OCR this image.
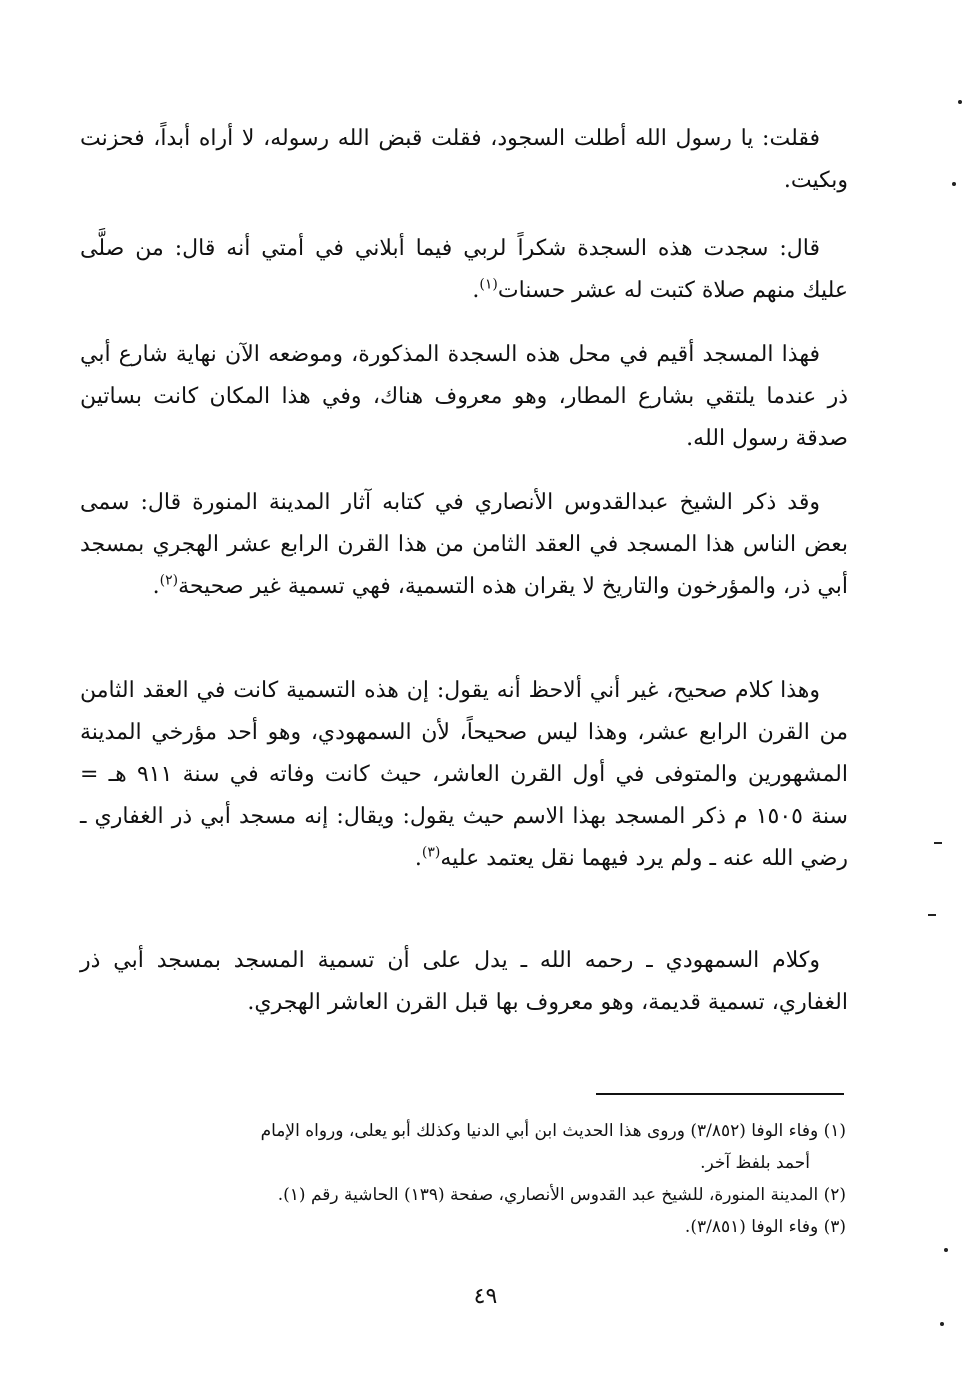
فقلت: يا رسول الله أطلت السجود، فقلت قبض الله رسوله، لا أراه أبداً، فحزنت وبكيت.

قال: سجدت هذه السجدة شكراً لربي فيما أبلاني في أمتي أنه قال: من صلَّى عليك منهم صلاة كتبت له عشر حسنات$^{(١)}$.

فهذا المسجد أقيم في محل هذه السجدة المذكورة، وموضعه الآن نهاية شارع أبي ذر عندما يلتقي بشارع المطار، وهو معروف هناك، وفي هذا المكان كانت بساتين صدقة رسول الله.

وقد ذكر الشيخ عبدالقدوس الأنصاري في كتابه آثار المدينة المنورة قال: سمى بعض الناس هذا المسجد في العقد الثامن من هذا القرن الرابع عشر الهجري بمسجد أبي ذر، والمؤرخون والتاريخ لا يقران هذه التسمية، فهي تسمية غير صحيحة$^{(٢)}$.

وهذا كلام صحيح، غير أني ألاحظ أنه يقول: إن هذه التسمية كانت في العقد الثامن من القرن الرابع عشر، وهذا ليس صحيحاً، لأن السمهودي، وهو أحد مؤرخي المدينة المشهورين والمتوفى في أول القرن العاشر، حيث كانت وفاته في سنة ٩١١ هـ = سنة ١٥٠٥ م ذكر المسجد بهذا الاسم حيث يقول: ويقال: إنه مسجد أبي ذر الغفاري ـ رضي الله عنه ـ ولم يرد فيهما نقل يعتمد عليه$^{(٣)}$.

وكلام السمهودي ـ رحمه الله ـ يدل على أن تسمية المسجد بمسجد أبي ذر الغفاري، تسمية قديمة، وهو معروف بها قبل القرن العاشر الهجري.

(١) وفاء الوفا (٣/٨٥٢) وروى هذا الحديث ابن أبي الدنيا وكذلك أبو يعلى، ورواه الإمام

أحمد بلفظ آخر.

(٢) المدينة المنورة، للشيخ عبد القدوس الأنصاري، صفحة (١٣٩) الحاشية رقم (١).

(٣) وفاء الوفا (٣/٨٥١).

٤٩
